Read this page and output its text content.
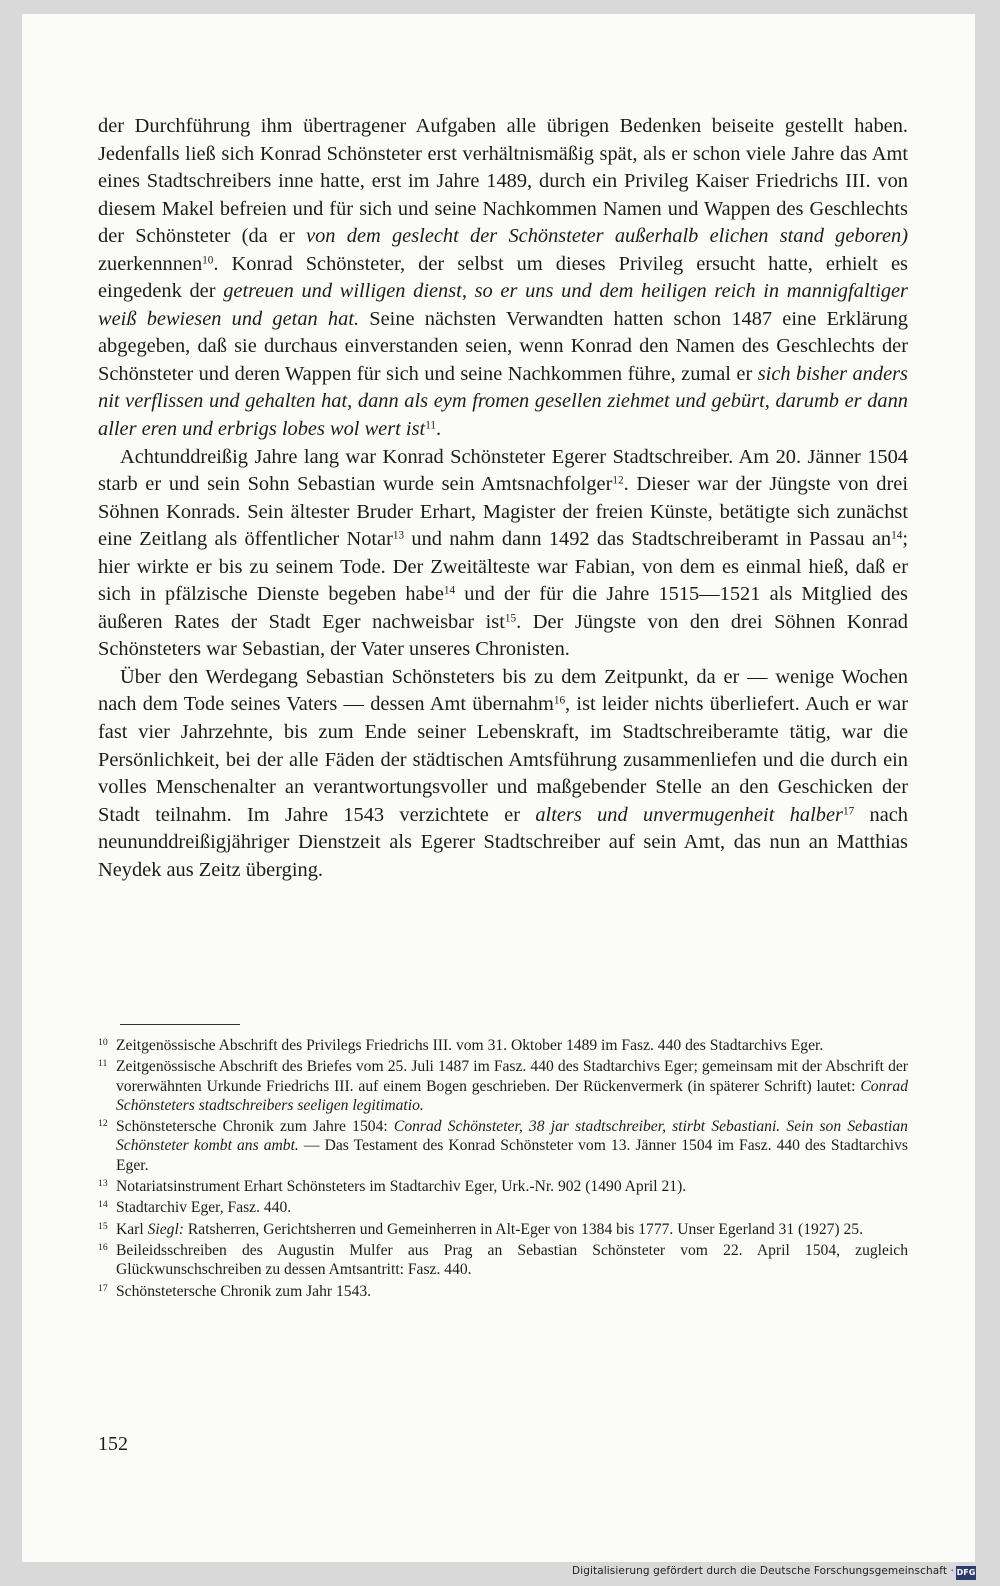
der Durchführung ihm übertragener Aufgaben alle übrigen Bedenken beiseite gestellt haben. Jedenfalls ließ sich Konrad Schönsteter erst verhältnismäßig spät, als er schon viele Jahre das Amt eines Stadtschreibers inne hatte, erst im Jahre 1489, durch ein Privileg Kaiser Friedrichs III. von diesem Makel befreien und für sich und seine Nachkommen Namen und Wappen des Geschlechts der Schönsteter (da er von dem geslecht der Schönsteter außerhalb elichen stand geboren) zuerkennnen$^{10}$. Konrad Schönsteter, der selbst um dieses Privileg ersucht hatte, erhielt es eingedenk der getreuen und willigen dienst, so er uns und dem heiligen reich in mannigfaltiger weiß bewiesen und getan hat. Seine nächsten Verwandten hatten schon 1487 eine Erklärung abgegeben, daß sie durchaus einverstanden seien, wenn Konrad den Namen des Geschlechts der Schönsteter und deren Wappen für sich und seine Nachkommen führe, zumal er sich bisher anders nit verflissen und gehalten hat, dann als eym fromen gesellen ziehmet und gebürt, darumb er dann aller eren und erbrigs lobes wol wert ist$^{11}$.

Achtunddreißig Jahre lang war Konrad Schönsteter Egerer Stadtschreiber. Am 20. Jänner 1504 starb er und sein Sohn Sebastian wurde sein Amtsnachfolger$^{12}$. Dieser war der Jüngste von drei Söhnen Konrads. Sein ältester Bruder Erhart, Magister der freien Künste, betätigte sich zunächst eine Zeitlang als öffentlicher Notar$^{13}$ und nahm dann 1492 das Stadtschreiberamt in Passau $an^{14}$; hier wirkte er bis zu seinem Tode. Der Zweitälteste war Fabian, von dem es einmal hieß, daß er sich in pfälzische Dienste begeben habe$^{14}$ und der für die Jahre 1515—1521 als Mitglied des äußeren Rates der Stadt Eger nachweisbar ist$^{15}$. Der Jüngste von den drei Söhnen Konrad Schönsteters war Sebastian, der Vater unseres Chronisten.

Über den Werdegang Sebastian Schönsteters bis zu dem Zeitpunkt, da er — wenige Wochen nach dem Tode seines Vaters — dessen Amt übernahm$^{16}$, ist leider nichts überliefert. Auch er war fast vier Jahrzehnte, bis zum Ende seiner Lebenskraft, im Stadtschreiberamte tätig, war die Persönlichkeit, bei der alle Fäden der städtischen Amtsführung zusammenliefen und die durch ein volles Menschenalter an verantwortungsvoller und maßgebender Stelle an den Geschicken der Stadt teilnahm. Im Jahre 1543 verzichtete er alters und unvermugenheit halber$^{17}$ nach neununddreißigjähriger Dienstzeit als Egerer Stadtschreiber auf sein Amt, das nun an Matthias Neydek aus Zeitz überging.

10 Zeitgenössische Abschrift des Privilegs Friedrichs III. vom 31. Oktober 1489 im Fasz. 440 des Stadtarchivs Eger.
11 Zeitgenössische Abschrift des Briefes vom 25. Juli 1487 im Fasz. 440 des Stadtarchivs Eger; gemeinsam mit der Abschrift der vorerwähnten Urkunde Friedrichs III. auf einem Bogen geschrieben. Der Rückenvermerk (in späterer Schrift) lautet: Conrad Schönsteters stadtschreibers seeligen legitimatio.
12 Schönstetersche Chronik zum Jahre 1504: Conrad Schönsteter, 38 jar stadtschreiber, stirbt Sebastiani. Sein son Sebastian Schönsteter kombt ans ambt. — Das Testament des Konrad Schönsteter vom 13. Jänner 1504 im Fasz. 440 des Stadtarchivs Eger.
13 Notariatsinstrument Erhart Schönsteters im Stadtarchiv Eger, Urk.-Nr. 902 (1490 April 21).
14 Stadtarchiv Eger, Fasz. 440.
15 Karl Siegl: Ratsherren, Gerichtsherren und Gemeinherren in Alt-Eger von 1384 bis 1777. Unser Egerland 31 (1927) 25.
16 Beileidsschreiben des Augustin Mulfer aus Prag an Sebastian Schönsteter vom 22. April 1504, zugleich Glückwunschschreiben zu dessen Amtsantritt: Fasz. 440.
17 Schönstetersche Chronik zum Jahr 1543.
152
Digitalisierung gefördert durch die Deutsche Forschungsgemeinschaft · DFG
